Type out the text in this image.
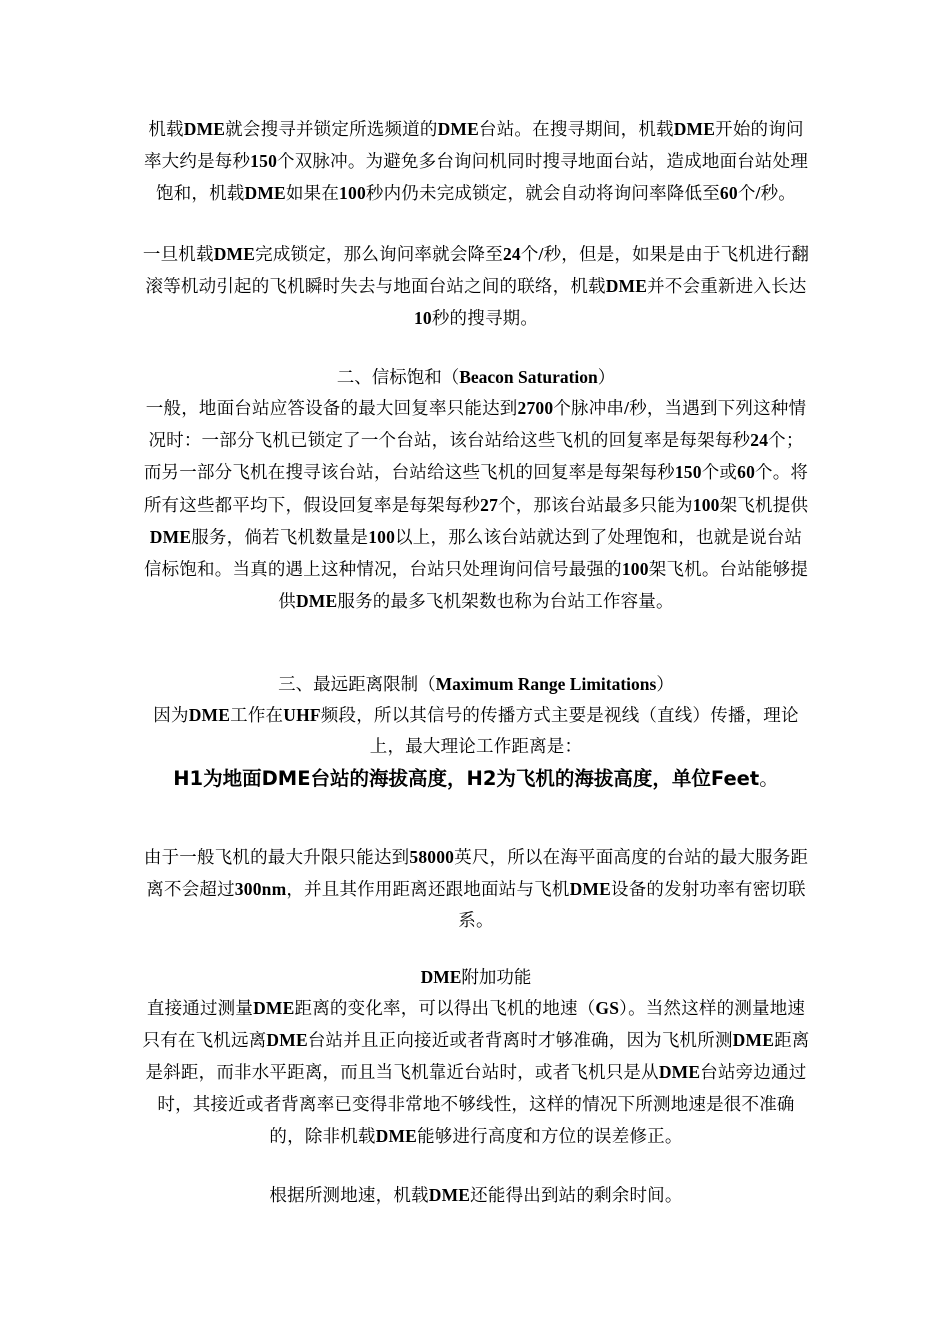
机载DME就会搜寻并锁定所选频道的DME台站。在搜寻期间，机载DME开始的询问率大约是每秒150个双脉冲。为避免多台询问机同时搜寻地面台站，造成地面台站处理饱和，机载DME如果在100秒内仍未完成锁定，就会自动将询问率降低至60个/秒。

一旦机载DME完成锁定，那么询问率就会降至24个/秒，但是，如果是由于飞机进行翻滚等机动引起的飞机瞬时失去与地面台站之间的联络，机载DME并不会重新进入长达10秒的搜寻期。

二、信标饱和（Beacon Saturation）

一般，地面台站应答设备的最大回复率只能达到2700个脉冲串/秒，当遇到下列这种情况时：一部分飞机已锁定了一个台站，该台站给这些飞机的回复率是每架每秒24个；而另一部分飞机在搜寻该台站，台站给这些飞机的回复率是每架每秒150个或60个。将所有这些都平均下，假设回复率是每架每秒27个，那该台站最多只能为100架飞机提供DME服务，倘若飞机数量是100以上，那么该台站就达到了处理饱和，也就是说台站信标饱和。当真的遇上这种情况，台站只处理询问信号最强的100架飞机。台站能够提供DME服务的最多飞机架数也称为台站工作容量。

三、最远距离限制（Maximum Range Limitations）

因为DME工作在UHF频段，所以其信号的传播方式主要是视线（直线）传播，理论上，最大理论工作距离是：

H1为地面DME台站的海拔高度，H2为飞机的海拔高度，单位Feet。

由于一般飞机的最大升限只能达到58000英尺，所以在海平面高度的台站的最大服务距离不会超过300nm，并且其作用距离还跟地面站与飞机DME设备的发射功率有密切联系。

DME附加功能

直接通过测量DME距离的变化率，可以得出飞机的地速（GS）。当然这样的测量地速只有在飞机远离DME台站并且正向接近或者背离时才够准确，因为飞机所测DME距离是斜距，而非水平距离，而且当飞机靠近台站时，或者飞机只是从DME台站旁边通过时，其接近或者背离率已变得非常地不够线性，这样的情况下所测地速是很不准确的，除非机载DME能够进行高度和方位的误差修正。

根据所测地速，机载DME还能得出到站的剩余时间。
